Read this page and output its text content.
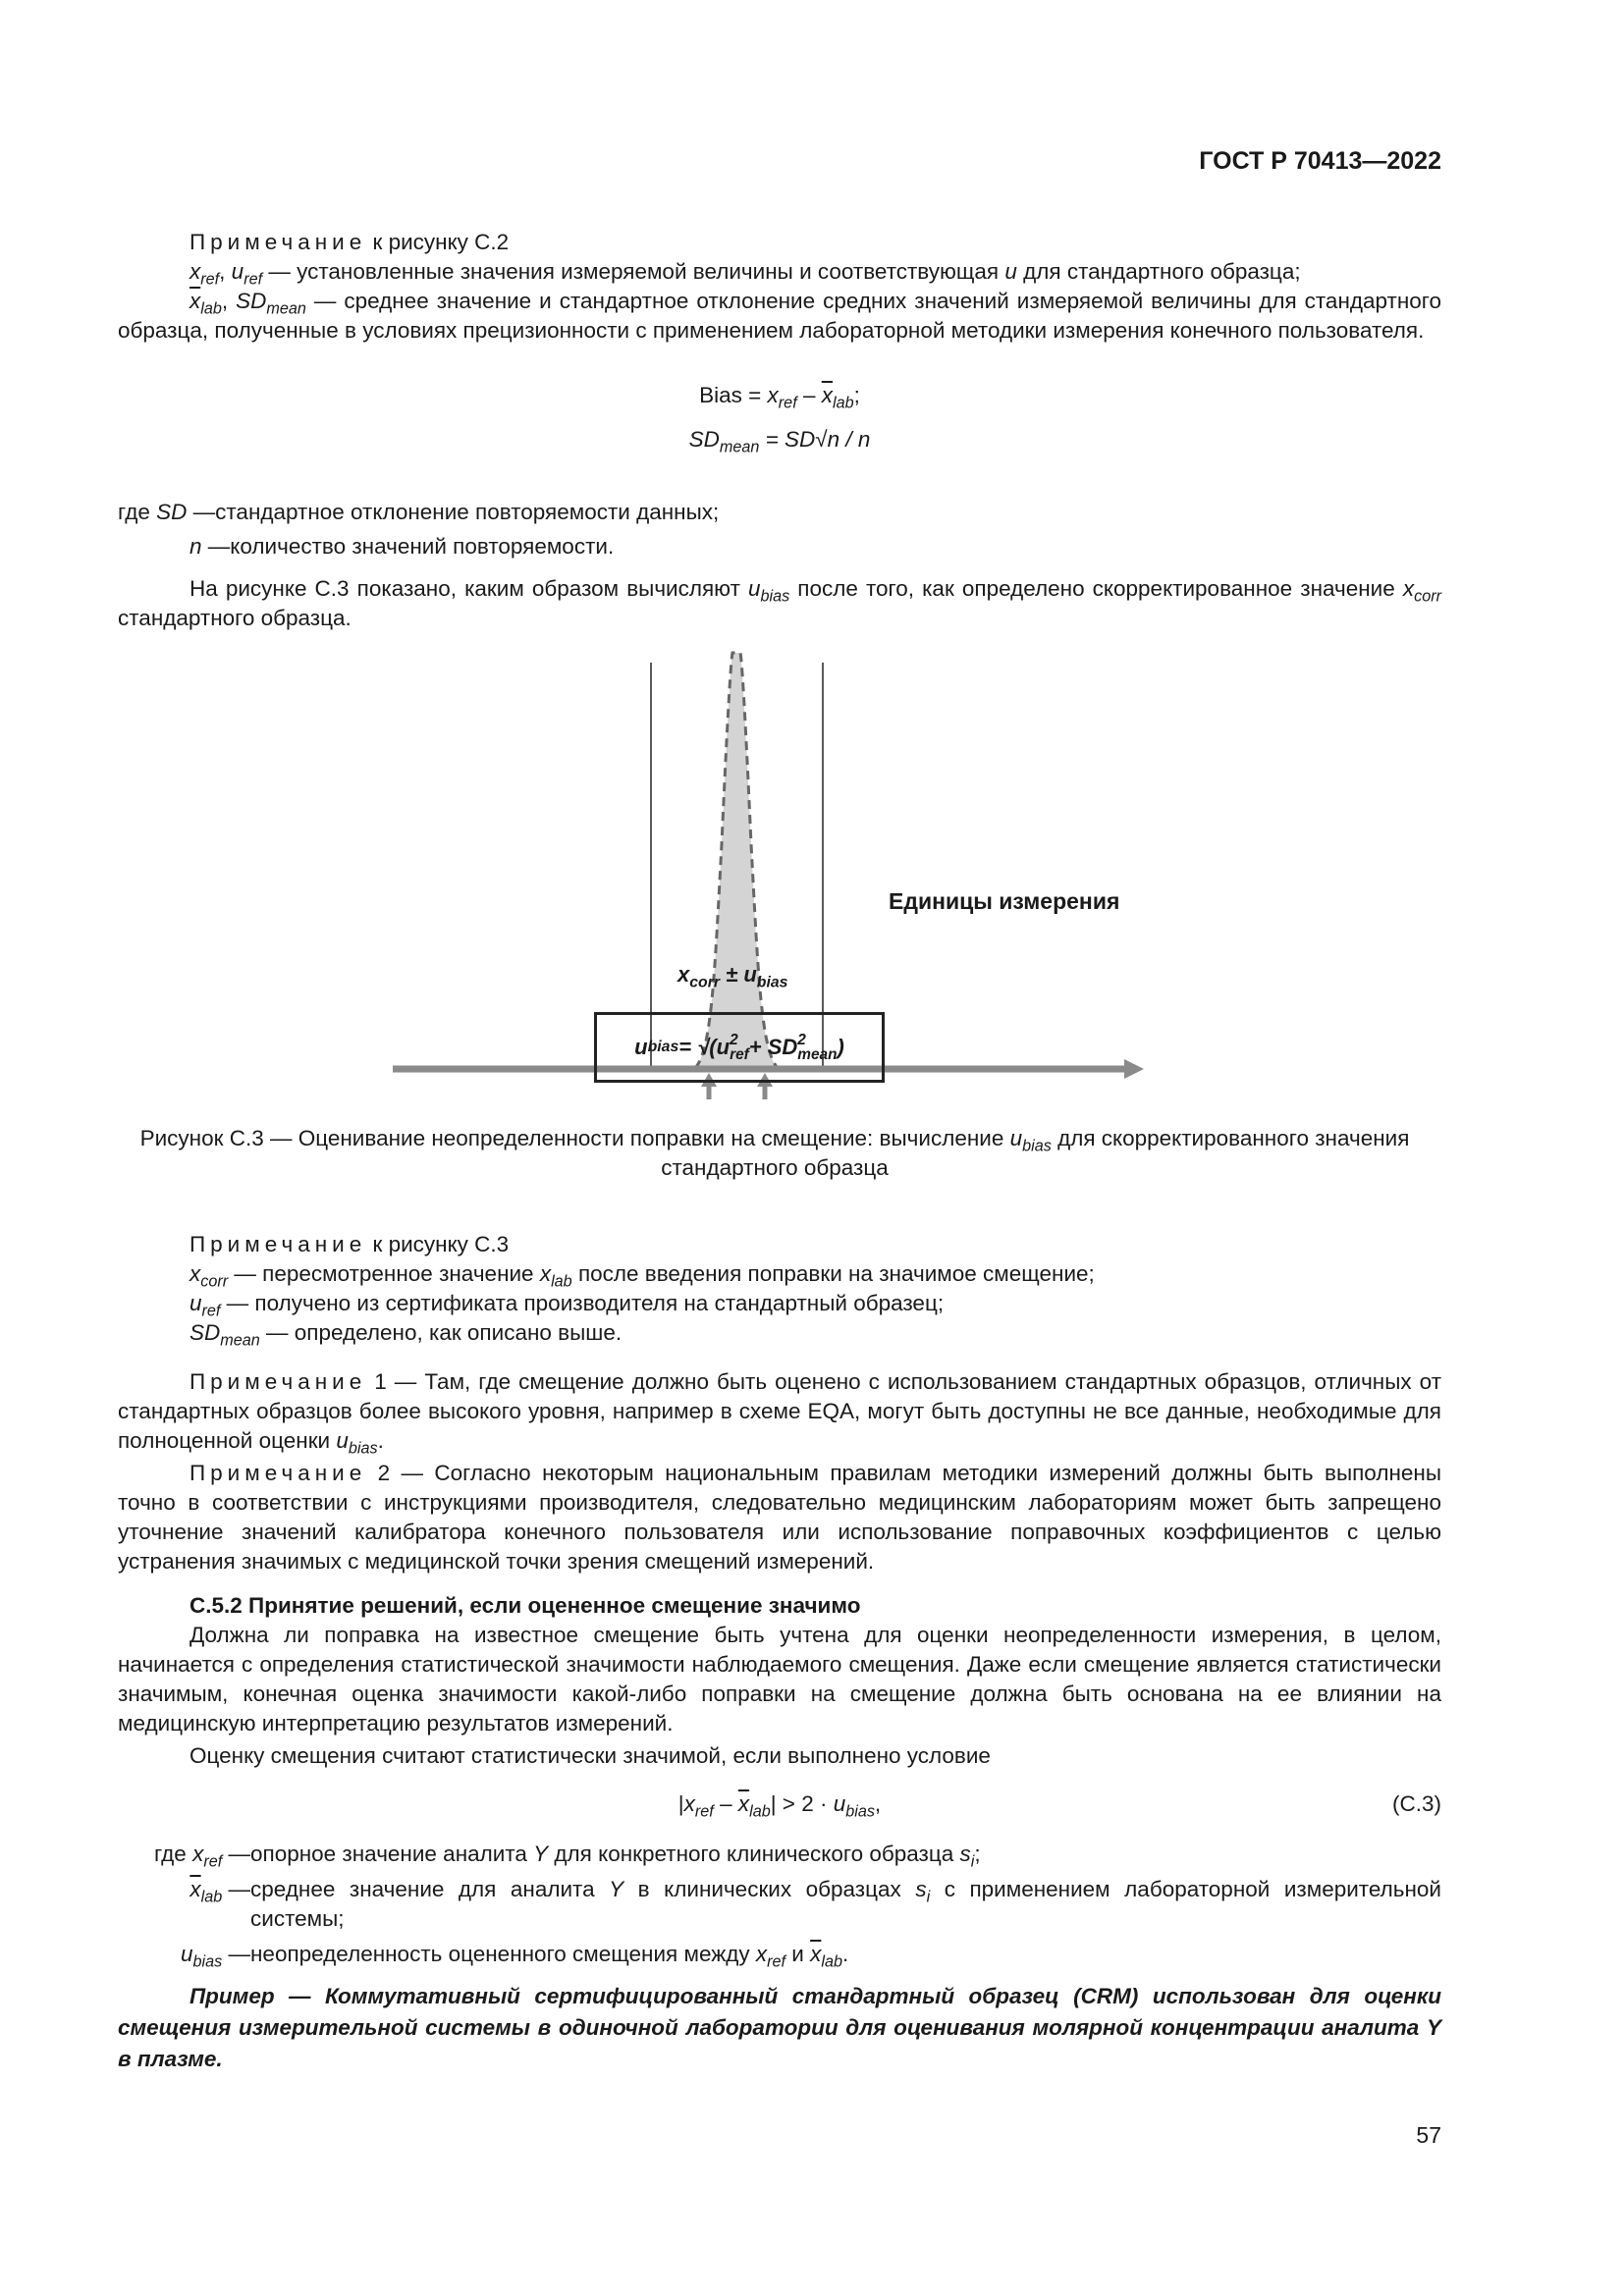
ГОСТ Р 70413—2022

Примечание к рисунку С.2

$x_{ref}$, $u_{ref}$ — установленные значения измеряемой величины и соответствующая u для стандартного образца;

$\overline{x}_{lab}$, $SD_{mean}$ — среднее значение и стандартное отклонение средних значений измеряемой величины для стандартного образца, полученные в условиях прецизионности с применением лабораторной методики измерения конечного пользователя.

Bias = $x_{ref} - \overline{x}_{lab}$;
$SD_{mean} = SD√n / n$
где SD — стандартное отклонение повторяемости данных;
n — количество значений повторяемости.

На рисунке С.3 показано, каким образом вычисляют $u_{bias}$ после того, как определено скорректированное значение $x_{corr}$ стандартного образца.

Единицы измерения
$x_{corr} \pm u_{bias}$
u bias = √(u 2
ref + SD 2
mean )
Рисунок С.3 — Оценивание неопределенности поправки на смещение: вычисление $u_{bias}$ для скорректированного значения стандартного образца

Примечание к рисунку С.3

$x_{corr}$ — пересмотренное значение $x_{lab}$ после введения поправки на значимое смещение;

$u_{ref}$ — получено из сертификата производителя на стандартный образец;

$SD_{mean}$ — определено, как описано выше.

Примечание 1 — Там, где смещение должно быть оценено с использованием стандартных образцов, отличных от стандартных образцов более высокого уровня, например в схеме EQA, могут быть доступны не все данные, необходимые для полноценной оценки $u_{bias}$.

Примечание 2 — Согласно некоторым национальным правилам методики измерений должны быть выполнены точно в соответствии с инструкциями производителя, следовательно медицинским лабораториям может быть запрещено уточнение значений калибратора конечного пользователя или использование поправочных коэффициентов с целью устранения значимых с медицинской точки зрения смещений измерений.

С.5.2 Принятие решений, если оцененное смещение значимо

Должна ли поправка на известное смещение быть учтена для оценки неопределенности измерения, в целом, начинается с определения статистической значимости наблюдаемого смещения. Даже если смещение является статистически значимым, конечная оценка значимости какой-либо поправки на смещение должна быть основана на ее влиянии на медицинскую интерпретацию результатов измерений.

Оценку смещения считают статистически значимой, если выполнено условие

$|x_{ref} - \overline{x}_{lab}| > 2 \cdot u_{bias}$,	(С.3)
где $x_{ref}$ — опорное значение аналита Y для конкретного клинического образца $s_i$;
$\overline{x}_{lab}$ — среднее значение для аналита Y в клинических образцах $s_i$ с применением лабораторной измерительной системы;
$u_{bias}$ — неопределенность оцененного смещения между $x_{ref}$ и $\overline{x}_{lab}$.

Пример — Коммутативный сертифицированный стандартный образец (CRM) использован для оценки смещения измерительной системы в одиночной лаборатории для оценивания молярной концентрации аналита Y в плазме.

57
